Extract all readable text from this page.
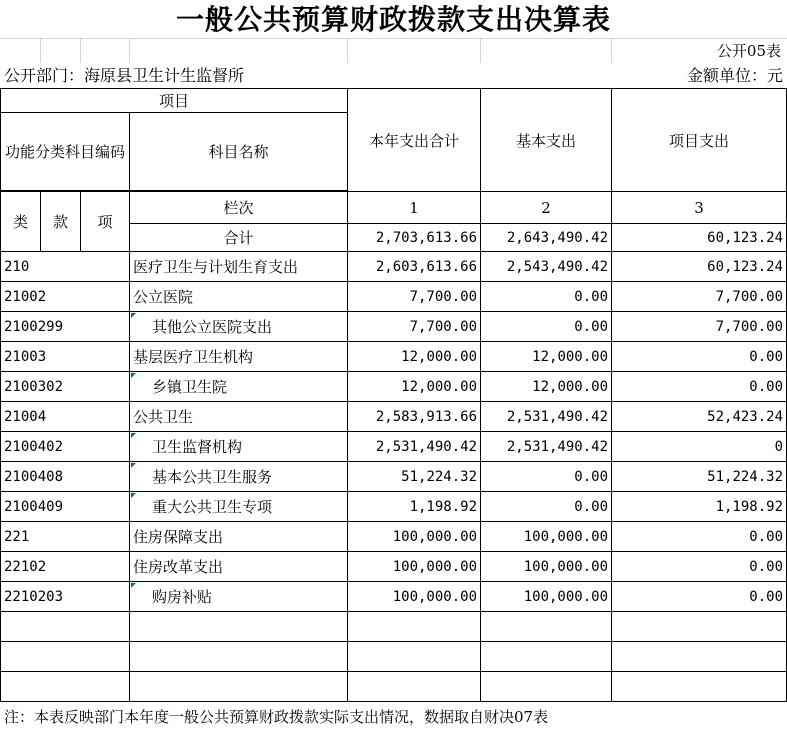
一般公共预算财政拨款支出决算表
公开05表
公开部门：海原县卫生计生监督所	金额单位：元
项目				本年支出合计	基本支出	项目支出
功能分类科目编码			科目名称			

类	款	项	栏次	1	2	3
			合计	2,703,613.66	2,643,490.42	60,123.24
210			医疗卫生与计划生育支出	2,603,613.66	2,543,490.42	60,123.24
21002			公立医院	7,700.00	0.00	7,700.00
2100299			其他公立医院支出	7,700.00	0.00	7,700.00
21003			基层医疗卫生机构	12,000.00	12,000.00	0.00
2100302			乡镇卫生院	12,000.00	12,000.00	0.00
21004			公共卫生	2,583,913.66	2,531,490.42	52,423.24
2100402			卫生监督机构	2,531,490.42	2,531,490.42	0
2100408			基本公共卫生服务	51,224.32	0.00	51,224.32
2100409			重大公共卫生专项	1,198.92	0.00	1,198.92
221			住房保障支出	100,000.00	100,000.00	0.00
22102			住房改革支出	100,000.00	100,000.00	0.00
2210203			购房补贴	100,000.00	100,000.00	0.00

注：本表反映部门本年度一般公共预算财政拨款实际支出情况，数据取自财决07表
